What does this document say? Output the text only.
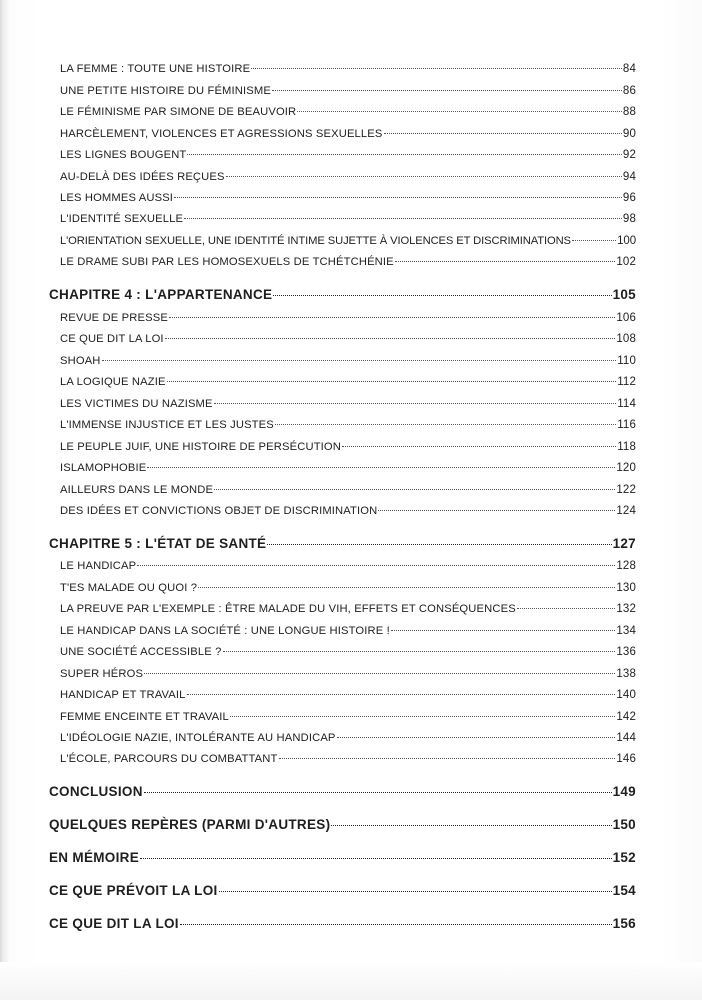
LA FEMME : TOUTE UNE HISTOIRE	84
UNE PETITE HISTOIRE DU FÉMINISME	86
LE FÉMINISME PAR SIMONE DE BEAUVOIR	88
HARCÈLEMENT, VIOLENCES ET AGRESSIONS SEXUELLES	90
LES LIGNES BOUGENT	92
AU-DELÀ DES IDÉES REÇUES	94
LES HOMMES AUSSI	96
L'IDENTITÉ SEXUELLE	98
L'ORIENTATION SEXUELLE, UNE IDENTITÉ INTIME SUJETTE À VIOLENCES ET DISCRIMINATIONS	100
LE DRAME SUBI PAR LES HOMOSEXUELS DE TCHÉTCHÉNIE	102
CHAPITRE 4 : L'APPARTENANCE	105
REVUE DE PRESSE	106
CE QUE DIT LA LOI	108
SHOAH	110
LA LOGIQUE NAZIE	112
LES VICTIMES DU NAZISME	114
L'IMMENSE INJUSTICE ET LES JUSTES	116
LE PEUPLE JUIF, UNE HISTOIRE DE PERSÉCUTION	118
ISLAMOPHOBIE	120
AILLEURS DANS LE MONDE	122
DES IDÉES ET CONVICTIONS OBJET DE DISCRIMINATION	124
CHAPITRE 5 : L'ÉTAT DE SANTÉ	127
LE HANDICAP	128
T'ES MALADE OU QUOI ?	130
LA PREUVE PAR L'EXEMPLE : ÊTRE MALADE DU VIH, EFFETS ET CONSÉQUENCES	132
LE HANDICAP DANS LA SOCIÉTÉ : UNE LONGUE HISTOIRE !	134
UNE SOCIÉTÉ ACCESSIBLE ?	136
SUPER HÉROS	138
HANDICAP ET TRAVAIL	140
FEMME ENCEINTE ET TRAVAIL	142
L'IDÉOLOGIE NAZIE, INTOLÉRANTE AU HANDICAP	144
L'ÉCOLE, PARCOURS DU COMBATTANT	146
CONCLUSION	149
QUELQUES REPÈRES (PARMI D'AUTRES)	150
EN MÉMOIRE	152
CE QUE PRÉVOIT LA LOI	154
CE QUE DIT LA LOI	156
